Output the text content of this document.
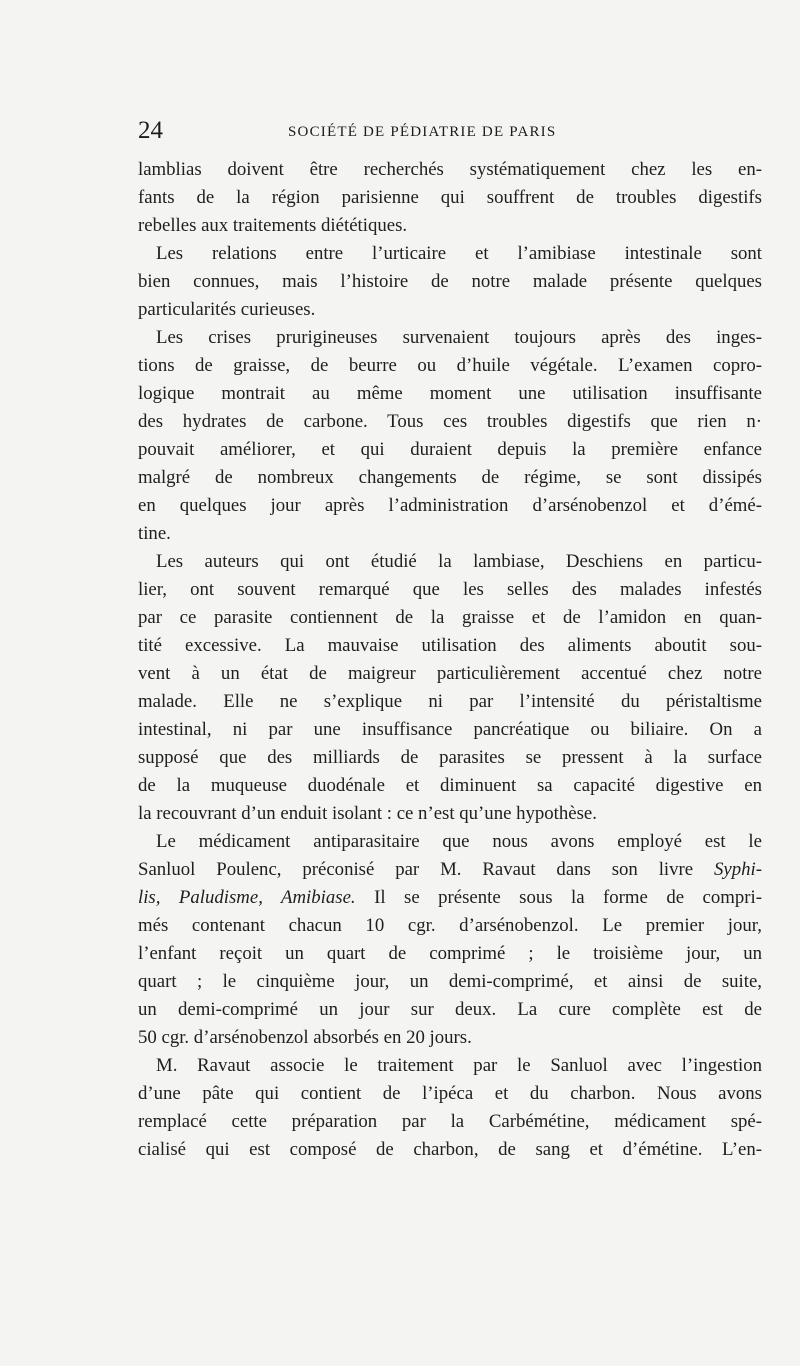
24	SOCIÉTÉ DE PÉDIATRIE DE PARIS
lamblias doivent être recherchés systématiquement chez les en-
fants de la région parisienne qui souffrent de troubles digestifs
rebelles aux traitements diététiques.
Les relations entre l’urticaire et l’amibiase intestinale sont
bien connues, mais l’histoire de notre malade présente quelques
particularités curieuses.
Les crises prurigineuses survenaient toujours après des inges-
tions de graisse, de beurre ou d’huile végétale. L’examen copro-
logique montrait au même moment une utilisation insuffisante
des hydrates de carbone. Tous ces troubles digestifs que rien n·
pouvait améliorer, et qui duraient depuis la première enfance
malgré de nombreux changements de régime, se sont dissipés
en quelques jour après l’administration d’arsénobenzol et d’émé-
tine.
Les auteurs qui ont étudié la lambiase, Deschiens en particu-
lier, ont souvent remarqué que les selles des malades infestés
par ce parasite contiennent de la graisse et de l’amidon en quan-
tité excessive. La mauvaise utilisation des aliments aboutit sou-
vent à un état de maigreur particulièrement accentué chez notre
malade. Elle ne s’explique ni par l’intensité du péristaltisme
intestinal, ni par une insuffisance pancréatique ou biliaire. On a
supposé que des milliards de parasites se pressent à la surface
de la muqueuse duodénale et diminuent sa capacité digestive en
la recouvrant d’un enduit isolant : ce n’est qu’une hypothèse.
Le médicament antiparasitaire que nous avons employé est le
Sanluol Poulenc, préconisé par M. Ravaut dans son livre Syphi-
lis, Paludisme, Amibiase. Il se présente sous la forme de compri-
més contenant chacun 10 cgr. d’arsénobenzol. Le premier jour,
l’enfant reçoit un quart de comprimé ; le troisième jour, un
quart ; le cinquième jour, un demi-comprimé, et ainsi de suite,
un demi-comprimé un jour sur deux. La cure complète est de
50 cgr. d’arsénobenzol absorbés en 20 jours.
M. Ravaut associe le traitement par le Sanluol avec l’ingestion
d’une pâte qui contient de l’ipéca et du charbon. Nous avons
remplacé cette préparation par la Carbémétine, médicament spé-
cialisé qui est composé de charbon, de sang et d’émétine. L’en-
